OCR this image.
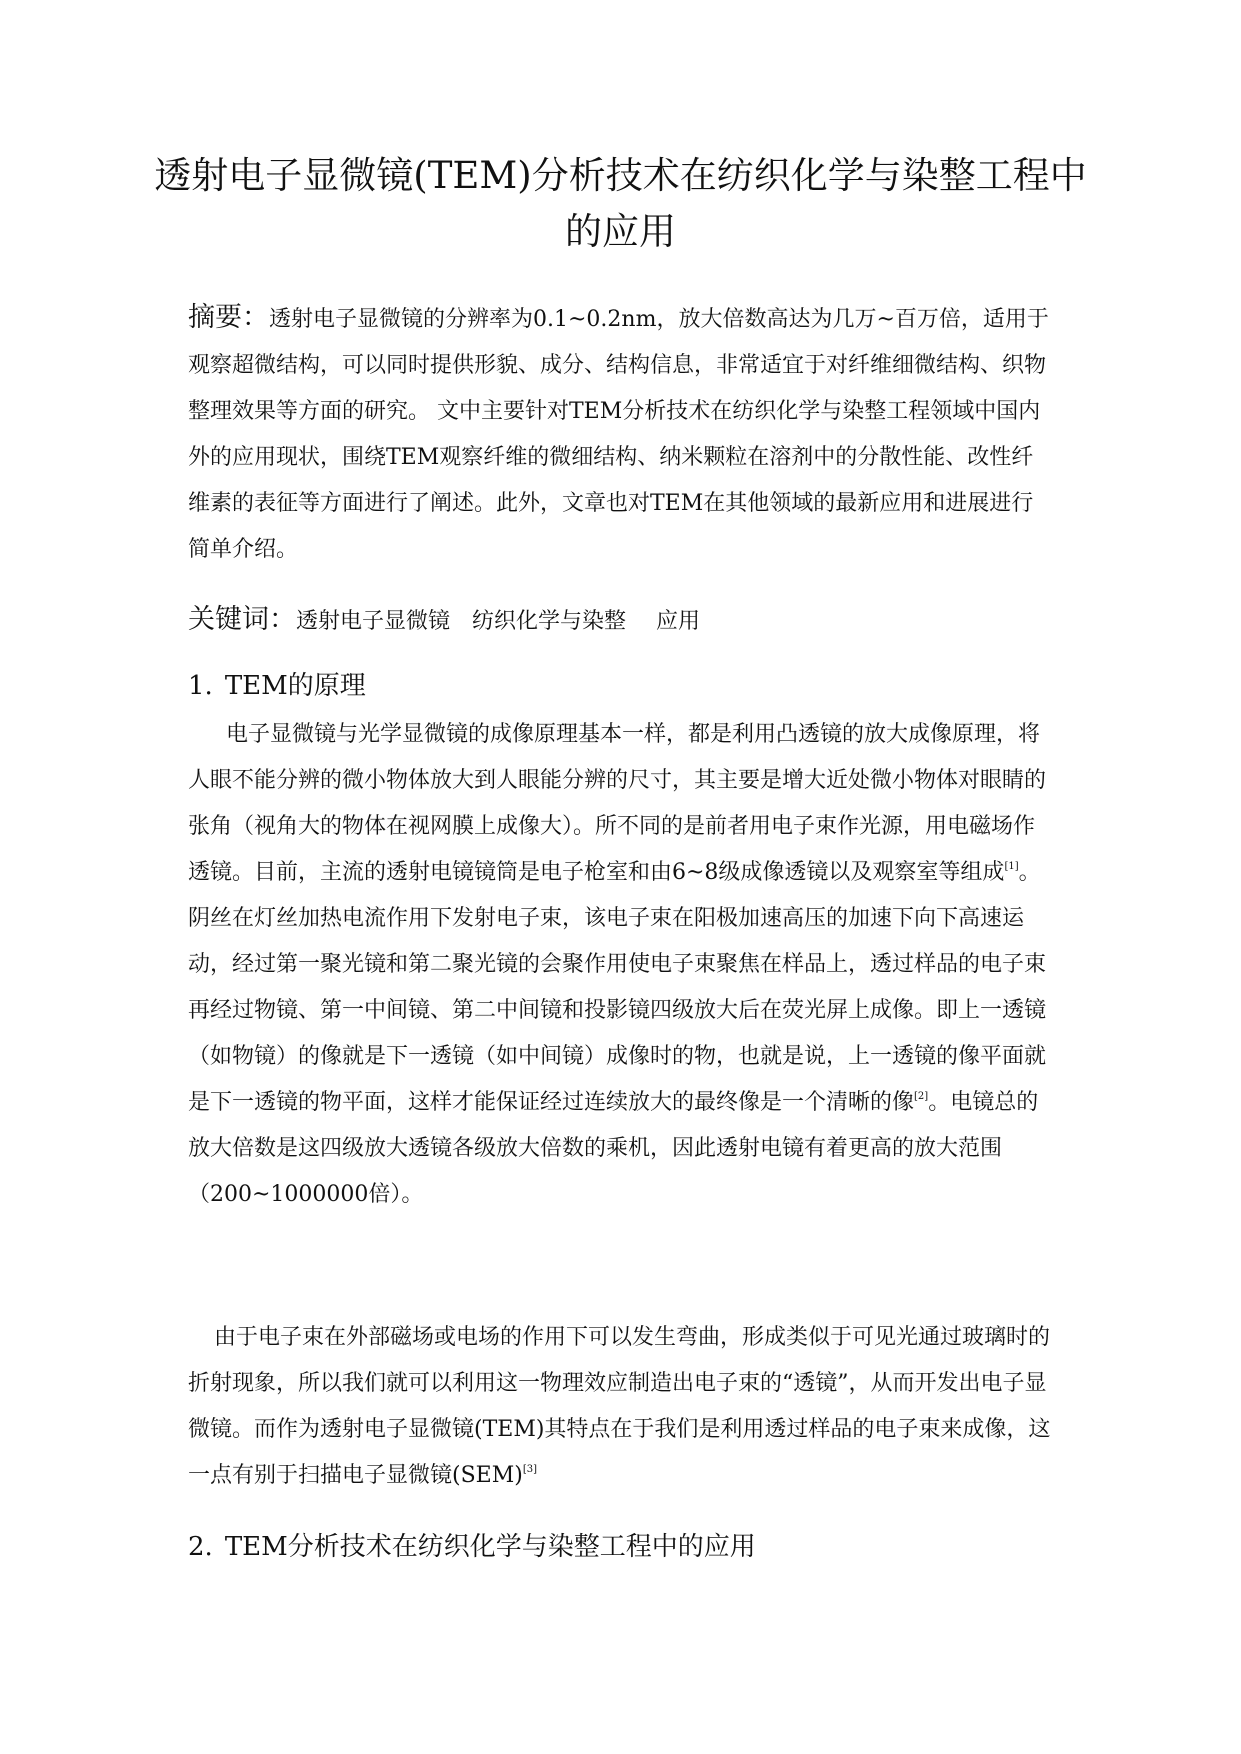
透射电子显微镜(TEM)分析技术在纺织化学与染整工程中的应用

摘要：透射电子显微镜的分辨率为0.1~0.2nm，放大倍数高达为几万~百万倍，适用于观察超微结构，可以同时提供形貌、成分、结构信息，非常适宜于对纤维细微结构、织物整理效果等方面的研究。 文中主要针对TEM分析技术在纺织化学与染整工程领域中国内外的应用现状，围绕TEM观察纤维的微细结构、纳米颗粒在溶剂中的分散性能、改性纤维素的表征等方面进行了阐述。此外，文章也对TEM在其他领域的最新应用和进展进行简单介绍。

关键词：透射电子显微镜 纺织化学与染整 应用

1. TEM的原理

电子显微镜与光学显微镜的成像原理基本一样，都是利用凸透镜的放大成像原理，将人眼不能分辨的微小物体放大到人眼能分辨的尺寸，其主要是增大近处微小物体对眼睛的张角（视角大的物体在视网膜上成像大）。所不同的是前者用电子束作光源，用电磁场作透镜。目前，主流的透射电镜镜筒是电子枪室和由6~8级成像透镜以及观察室等组成[1]。阴丝在灯丝加热电流作用下发射电子束，该电子束在阳极加速高压的加速下向下高速运动，经过第一聚光镜和第二聚光镜的会聚作用使电子束聚焦在样品上，透过样品的电子束再经过物镜、第一中间镜、第二中间镜和投影镜四级放大后在荧光屏上成像。即上一透镜（如物镜）的像就是下一透镜（如中间镜）成像时的物，也就是说，上一透镜的像平面就是下一透镜的物平面，这样才能保证经过连续放大的最终像是一个清晰的像[2]。电镜总的放大倍数是这四级放大透镜各级放大倍数的乘机，因此透射电镜有着更高的放大范围（200~1000000倍）。

由于电子束在外部磁场或电场的作用下可以发生弯曲，形成类似于可见光通过玻璃时的折射现象，所以我们就可以利用这一物理效应制造出电子束的“透镜”，从而开发出电子显微镜。而作为透射电子显微镜(TEM)其特点在于我们是利用透过样品的电子束来成像，这一点有别于扫描电子显微镜(SEM)[3]

2. TEM分析技术在纺织化学与染整工程中的应用
